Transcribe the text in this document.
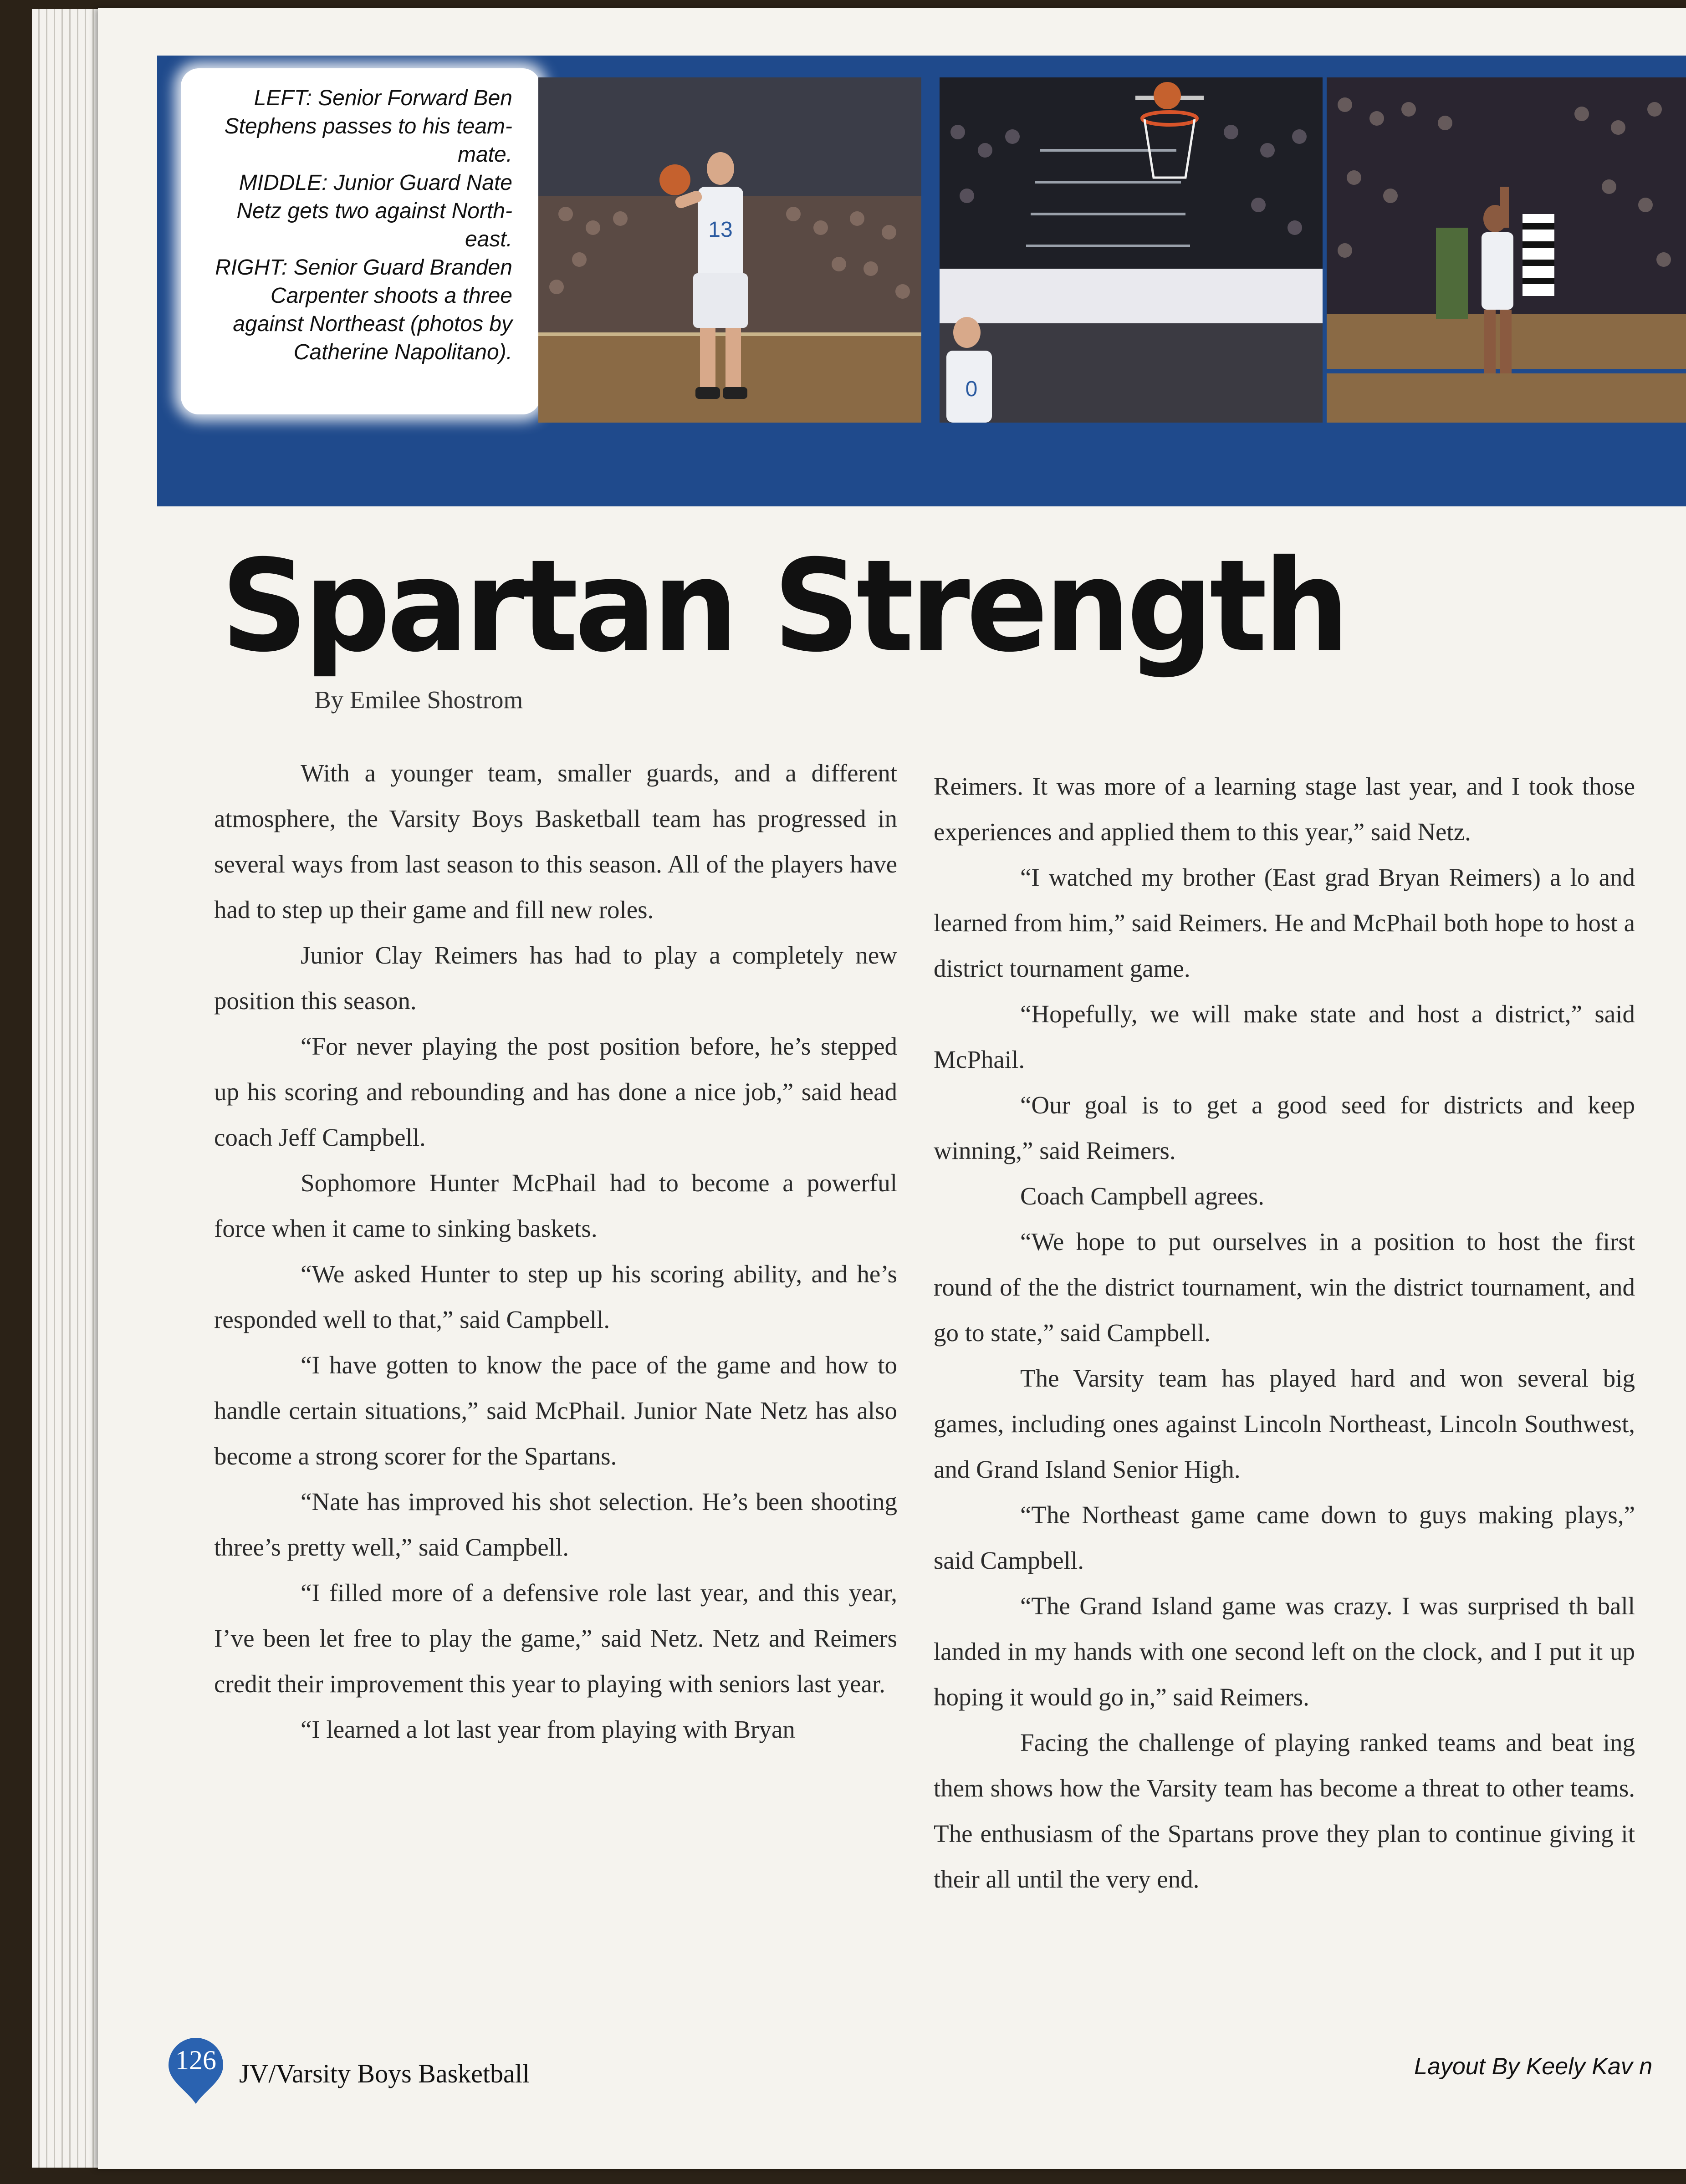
LEFT: Senior Forward Ben
Stephens passes to his team-
mate.
MIDDLE: Junior Guard Nate
Netz gets two against North-
east.
RIGHT: Senior Guard Branden
Carpenter shoots a three
against Northeast (photos by
Catherine Napolitano).
13
0
Spartan Strength
By Emilee Shostrom

With a younger team, smaller guards, and a different atmosphere, the Varsity Boys Basketball team has progressed in several ways from last season to this season. All of the players have had to step up their game and fill new roles.

Junior Clay Reimers has had to play a completely new position this season.

“For never playing the post position before, he’s stepped up his scoring and rebounding and has done a nice job,” said head coach Jeff Campbell.

Sophomore Hunter McPhail had to become a powerful force when it came to sinking baskets.

“We asked Hunter to step up his scoring ability, and he’s responded well to that,” said Campbell.

“I have gotten to know the pace of the game and how to handle certain situations,” said McPhail. Junior Nate Netz has also become a strong scorer for the Spartans.

“Nate has improved his shot selection. He’s been shooting three’s pretty well,” said Campbell.

“I filled more of a defensive role last year, and this year, I’ve been let free to play the game,” said Netz. Netz and Reimers credit their improvement this year to playing with seniors last year.

“I learned a lot last year from playing with Bryan

Reimers. It was more of a learning stage last year, and I took those experiences and applied them to this year,” said Netz.

“I watched my brother (East grad Bryan Reimers) a lo and learned from him,” said Reimers. He and McPhail both hope to host a district tournament game.

“Hopefully, we will make state and host a district,” said McPhail.

“Our goal is to get a good seed for districts and keep winning,” said Reimers.

Coach Campbell agrees.

“We hope to put ourselves in a position to host the first round of the the district tournament, win the district tournament, and go to state,” said Campbell.

The Varsity team has played hard and won several big games, including ones against Lincoln Northeast, Lincoln Southwest, and Grand Island Senior High.

“The Northeast game came down to guys making plays,” said Campbell.

“The Grand Island game was crazy. I was surprised th ball landed in my hands with one second left on the clock, and I put it up hoping it would go in,” said Reimers.

Facing the challenge of playing ranked teams and beat ing them shows how the Varsity team has become a threat to other teams. The enthusiasm of the Spartans prove they plan to continue giving it their all until the very end.

126 JV/Varsity Boys Basketball	Layout By Keely Kav n
